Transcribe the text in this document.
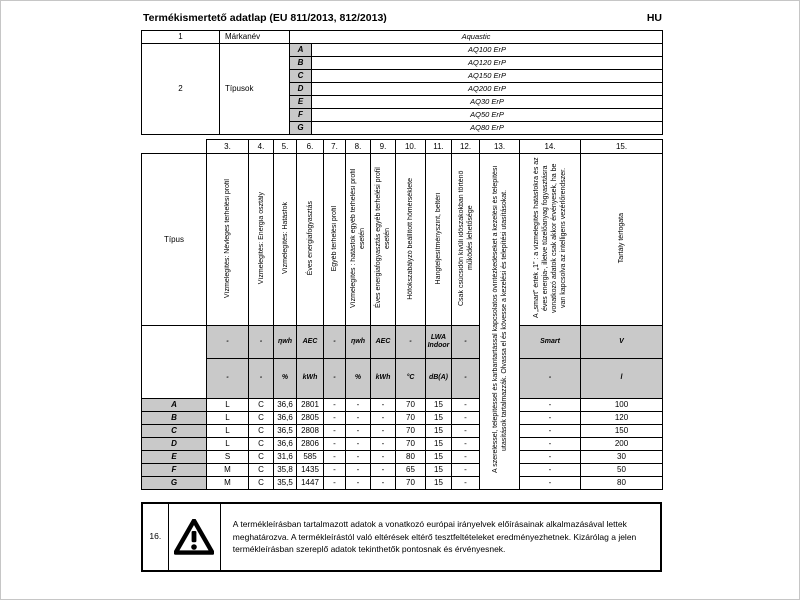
Termékismertető adatlap (EU 811/2013, 812/2013)	HU
1	Márkanév	Aquastic	
2	Típusok	A	AQ100 ErP
		B	AQ120 ErP
		C	AQ150 ErP
		D	AQ200 ErP
		E	AQ30 ErP
		F	AQ50 ErP
		G	AQ80 ErP
	3.	4.	5.	6.	7.	8.	9.	10.	11.	12.	13.	14.	15.
Típus	Vízmelegítés: Névleges terhelési profil	Vízmelegítés: Energia osztály	Vízmelegítés: Hatásfok	Éves energiafogyasztás	Egyéb terhelési profil	Vízmelegítés : hatásfok egyéb terhelési profil esetén	Éves energiafogyasztás egyéb terhelési profil esetén	Hőfokszabályzó beállított hőmérséklete	Hangteljesítményszint, beltéri	Csak csúcsidőn kívüli időszakokban történő működés lehetősége	A szereléssel, telepítéssel és karbantartással kapcsolatos óvintézkedéseket a kezelési és telepítési utasítások tartalmazzák. Olvassa el és kövesse a kezelési és telepítési utasításokat.	A „smart” érték „1” : a vízmelegítés hatásfokra és az éves energia-, illetve tüzelőanyag fogyasztásra vonatkozó adatok csak akkor érvényesek, ha be van kapcsolva az intelligens vezérlőrendszer.	Tartály térfogata
	-	-	ηwh	AEC	-	ηwh	AEC	-	LWA Indoor	-		Smart	V
	-	-	%	kWh	-	%	kWh	°C	dB(A)	-		-	l
A	L	C	36,6	2801	-	-	-	70	15	-		-	100
B	L	C	36,6	2805	-	-	-	70	15	-		-	120
C	L	C	36,5	2808	-	-	-	70	15	-		-	150
D	L	C	36,6	2806	-	-	-	70	15	-		-	200
E	S	C	31,6	585	-	-	-	80	15	-		-	30
F	M	C	35,8	1435	-	-	-	65	15	-		-	50
G	M	C	35,5	1447	-	-	-	70	15	-		-	80
16.	
	A termékleírásban tartalmazott adatok a vonatkozó európai irányelvek előírásainak alkalmazásával lettek meghatározva. A termékleírástól való eltérések eltérő tesztfeltételeket eredményezhetnek. Kizárólag a jelen termékleírásban szereplő adatok tekinthetők pontosnak és érvényesnek.
